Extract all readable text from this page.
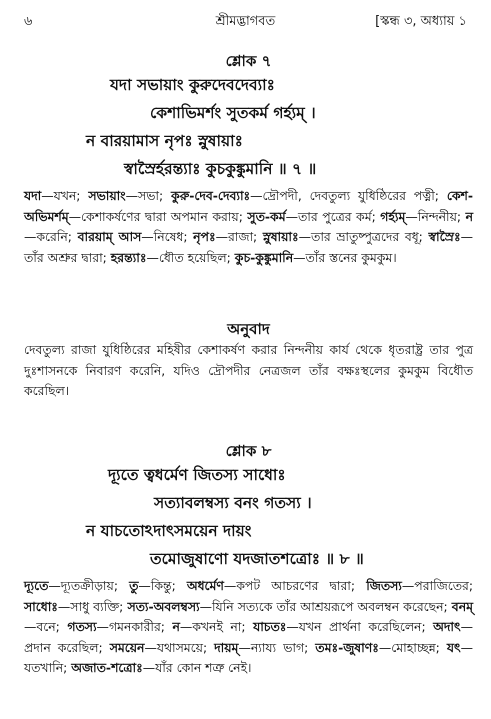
৬	শ্রীমদ্ভাগবত	[স্কন্ধ ৩, অধ্যায় ১
শ্লোক ৭
যদা সভায়াং কুরুদেবদেব্যাঃ
কেশাভিমর্শং সুতকর্ম গর্হ্যম্ ।
ন বারয়ামাস নৃপঃ স্নুষায়াঃ
স্বাস্রৈর্হরন্ত্যাঃ কুচকুঙ্কুমানি ॥ ৭ ॥
যদা—যখন; সভায়াং—সভা; কুরু-দেব-দেব্যাঃ—দ্রৌপদী, দেবতুল্য যুধিষ্ঠিরের পত্নী; কেশ-অভিমর্শম্—কেশাকর্ষণের দ্বারা অপমান করায়; সুত-কর্ম—তার পুত্রের কর্ম; গর্হ্যম্—নিন্দনীয়; ন—করেনি; বারয়াম্ আস—নিষেধ; নৃপঃ—রাজা; স্নুষায়াঃ—তার ভ্রাতুষ্পুত্রদের বধূ; স্বাস্রৈঃ—তাঁর অশ্রুর দ্বারা; হরন্ত্যাঃ—ধৌত হয়েছিল; কুচ-কুঙ্কুমানি—তাঁর স্তনের কুমকুম।
অনুবাদ
দেবতুল্য রাজা যুধিষ্ঠিরের মহিষীর কেশাকর্ষণ করার নিন্দনীয় কার্য থেকে ধৃতরাষ্ট্র তার পুত্র দুঃশাসনকে নিবারণ করেনি, যদিও দ্রৌপদীর নেত্রজল তাঁর বক্ষঃস্থলের কুমকুম বিধৌত করেছিল।
শ্লোক ৮
দ্যূতে ত্বধর্মেণ জিতস্য সাধোঃ
সত্যাবলম্বস্য বনং গতস্য ।
ন যাচতোঽদাৎসময়েন দায়ং
তমোজুষাণো যদজাতশত্রোঃ ॥ ৮ ॥
দ্যূতে—দ্যূতক্রীড়ায়; তু—কিন্তু; অধর্মেণ—কপট আচরণের দ্বারা; জিতস্য—পরাজিতের; সাধোঃ—সাধু ব্যক্তি; সত্য-অবলম্বস্য—যিনি সত্যকে তাঁর আশ্রয়রূপে অবলম্বন করেছেন; বনম্—বনে; গতস্য—গমনকারীর; ন—কখনই না; যাচতঃ—যখন প্রার্থনা করেছিলেন; অদাৎ—প্রদান করেছিল; সময়েন—যথাসময়ে; দায়ম্—ন্যায্য ভাগ; তমঃ-জুষাণঃ—মোহাচ্ছন্ন; যৎ—যতখানি; অজাত-শত্রোঃ—যাঁর কোন শত্রু নেই।
